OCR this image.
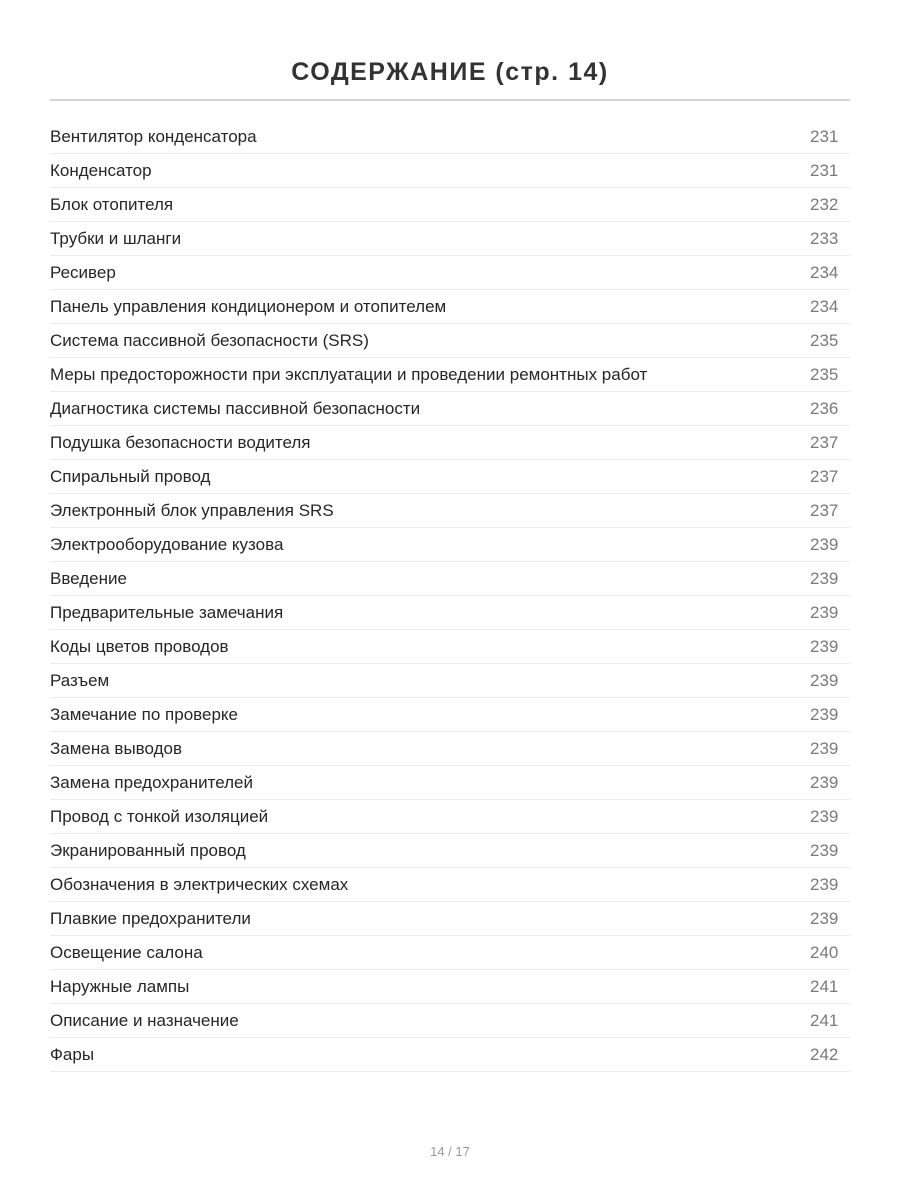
СОДЕРЖАНИЕ (стр. 14)
Вентилятор конденсатора	231
Конденсатор	231
Блок отопителя	232
Трубки и шланги	233
Ресивер	234
Панель управления кондиционером и отопителем	234
Система пассивной безопасности (SRS)	235
Меры предосторожности при эксплуатации и проведении ремонтных работ	235
Диагностика системы пассивной безопасности	236
Подушка безопасности водителя	237
Спиральный провод	237
Электронный блок управления SRS	237
Электрооборудование кузова	239
Введение	239
Предварительные замечания	239
Коды цветов проводов	239
Разъем	239
Замечание по проверке	239
Замена выводов	239
Замена предохранителей	239
Провод с тонкой изоляцией	239
Экранированный провод	239
Обозначения в электрических схемах	239
Плавкие предохранители	239
Освещение салона	240
Наружные лампы	241
Описание и назначение	241
Фары	242
14 / 17
